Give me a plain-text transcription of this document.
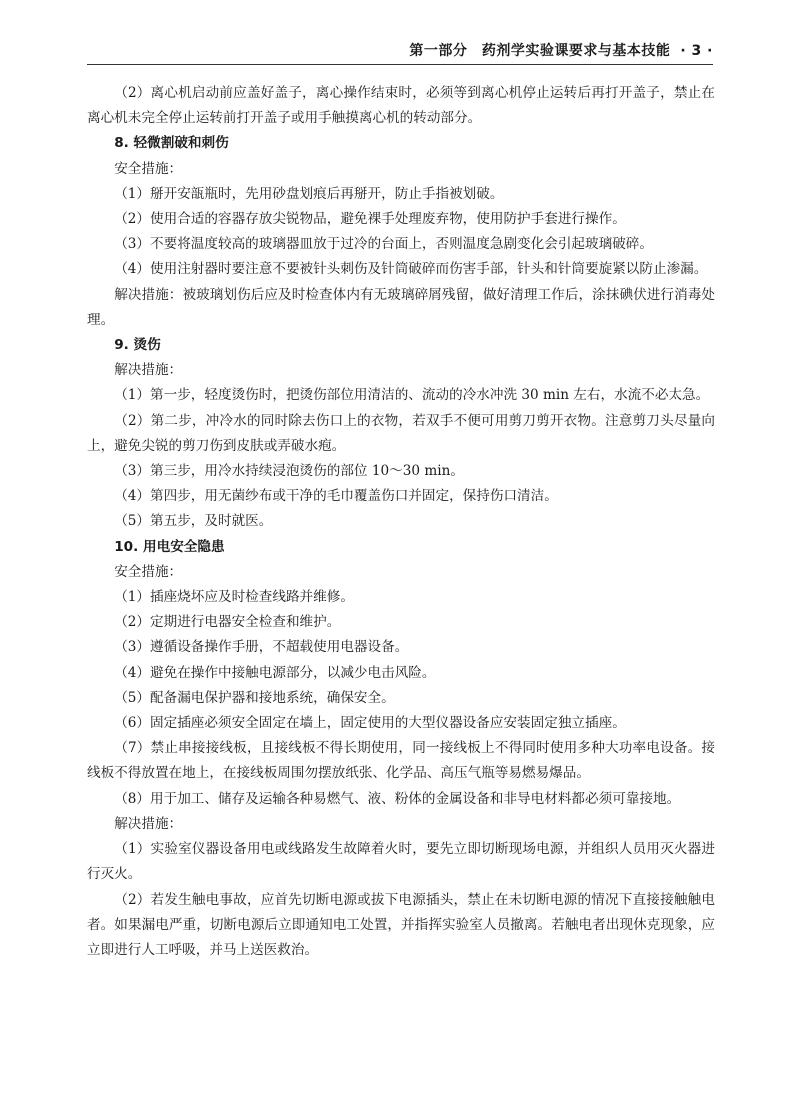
第一部分　药剂学实验课要求与基本技能 · 3 ·

（2）离心机启动前应盖好盖子，离心操作结束时，必须等到离心机停止运转后再打开盖子，禁止在离心机未完全停止运转前打开盖子或用手触摸离心机的转动部分。

8. 轻微割破和刺伤

安全措施：

（1）掰开安瓿瓶时，先用砂盘划痕后再掰开，防止手指被划破。

（2）使用合适的容器存放尖锐物品，避免裸手处理废弃物，使用防护手套进行操作。

（3）不要将温度较高的玻璃器皿放于过冷的台面上，否则温度急剧变化会引起玻璃破碎。

（4）使用注射器时要注意不要被针头刺伤及针筒破碎而伤害手部，针头和针筒要旋紧以防止渗漏。

解决措施：被玻璃划伤后应及时检查体内有无玻璃碎屑残留，做好清理工作后，涂抹碘伏进行消毒处理。

9. 烫伤

解决措施：

（1）第一步，轻度烫伤时，把烫伤部位用清洁的、流动的冷水冲洗 30 min 左右，水流不必太急。

（2）第二步，冲冷水的同时除去伤口上的衣物，若双手不便可用剪刀剪开衣物。注意剪刀头尽量向上，避免尖锐的剪刀伤到皮肤或弄破水疱。

（3）第三步，用冷水持续浸泡烫伤的部位 10～30 min。

（4）第四步，用无菌纱布或干净的毛巾覆盖伤口并固定，保持伤口清洁。

（5）第五步，及时就医。

10. 用电安全隐患

安全措施：

（1）插座烧坏应及时检查线路并维修。

（2）定期进行电器安全检查和维护。

（3）遵循设备操作手册，不超载使用电器设备。

（4）避免在操作中接触电源部分，以减少电击风险。

（5）配备漏电保护器和接地系统，确保安全。

（6）固定插座必须安全固定在墙上，固定使用的大型仪器设备应安装固定独立插座。

（7）禁止串接接线板，且接线板不得长期使用，同一接线板上不得同时使用多种大功率电设备。接线板不得放置在地上，在接线板周围勿摆放纸张、化学品、高压气瓶等易燃易爆品。

（8）用于加工、储存及运输各种易燃气、液、粉体的金属设备和非导电材料都必须可靠接地。

解决措施：

（1）实验室仪器设备用电或线路发生故障着火时，要先立即切断现场电源，并组织人员用灭火器进行灭火。

（2）若发生触电事故，应首先切断电源或拔下电源插头，禁止在未切断电源的情况下直接接触触电者。如果漏电严重，切断电源后立即通知电工处置，并指挥实验室人员撤离。若触电者出现休克现象，应立即进行人工呼吸，并马上送医救治。
